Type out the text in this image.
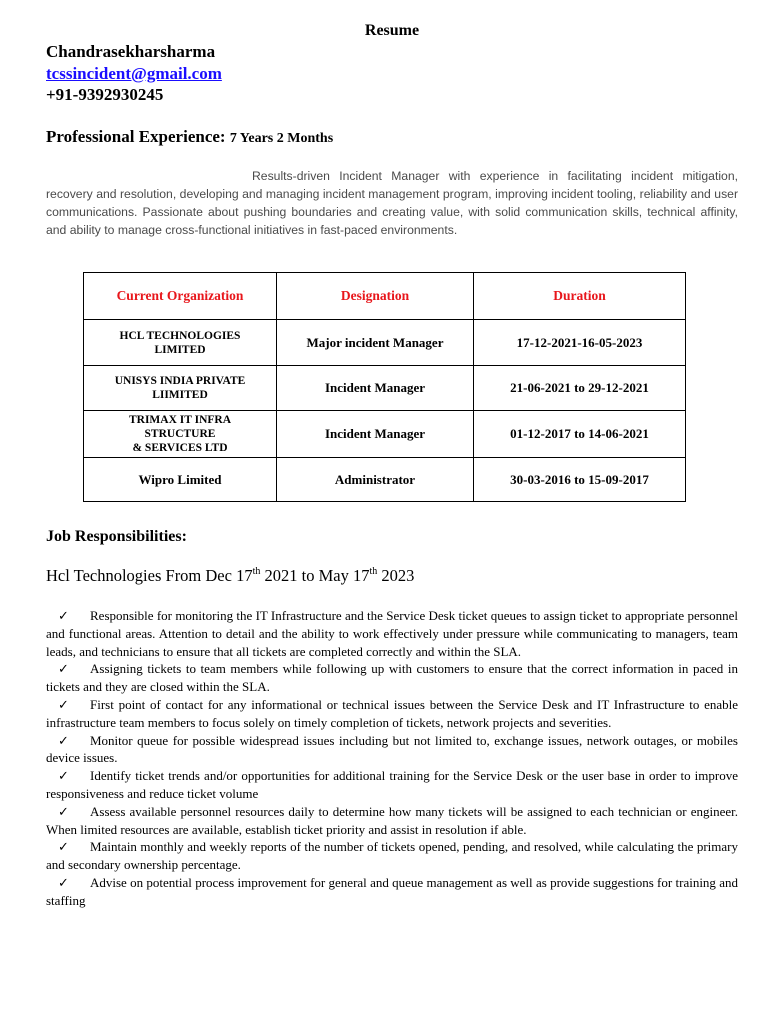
Resume
Chandrasekharsharma
tcssincident@gmail.com
+91-9392930245
Professional Experience: 7 Years 2 Months
Results-driven Incident Manager with experience in facilitating incident mitigation, recovery and resolution, developing and managing incident management program, improving incident tooling, reliability and user communications. Passionate about pushing boundaries and creating value, with solid communication skills, technical affinity, and ability to manage cross-functional initiatives in fast-paced environments.
Current Organization	Designation	Duration

HCL TECHNOLOGIES
LIMITED	Major incident Manager	17-12-2021-16-05-2023

UNISYS INDIA PRIVATE
LIIMITED	Incident Manager	21-06-2021 to 29-12-2021

TRIMAX IT INFRA
STRUCTURE
& SERVICES LTD	Incident Manager	01-12-2017 to 14-06-2021

Wipro Limited	Administrator	30-03-2016 to 15-09-2017
Job Responsibilities:
Hcl Technologies From Dec 17th 2021 to May 17th 2023

✓ Responsible for monitoring the IT Infrastructure and the Service Desk ticket queues to assign ticket to appropriate personnel and functional areas. Attention to detail and the ability to work effectively under pressure while communicating to managers, team leads, and technicians to ensure that all tickets are completed correctly and within the SLA.

✓ Assigning tickets to team members while following up with customers to ensure that the correct information in paced in tickets and they are closed within the SLA.

✓ First point of contact for any informational or technical issues between the Service Desk and IT Infrastructure to enable infrastructure team members to focus solely on timely completion of tickets, network projects and severities.

✓ Monitor queue for possible widespread issues including but not limited to, exchange issues, network outages, or mobiles device issues.

✓ Identify ticket trends and/or opportunities for additional training for the Service Desk or the user base in order to improve responsiveness and reduce ticket volume

✓ Assess available personnel resources daily to determine how many tickets will be assigned to each technician or engineer. When limited resources are available, establish ticket priority and assist in resolution if able.

✓ Maintain monthly and weekly reports of the number of tickets opened, pending, and resolved, while calculating the primary and secondary ownership percentage.

✓ Advise on potential process improvement for general and queue management as well as provide suggestions for training and staffing
